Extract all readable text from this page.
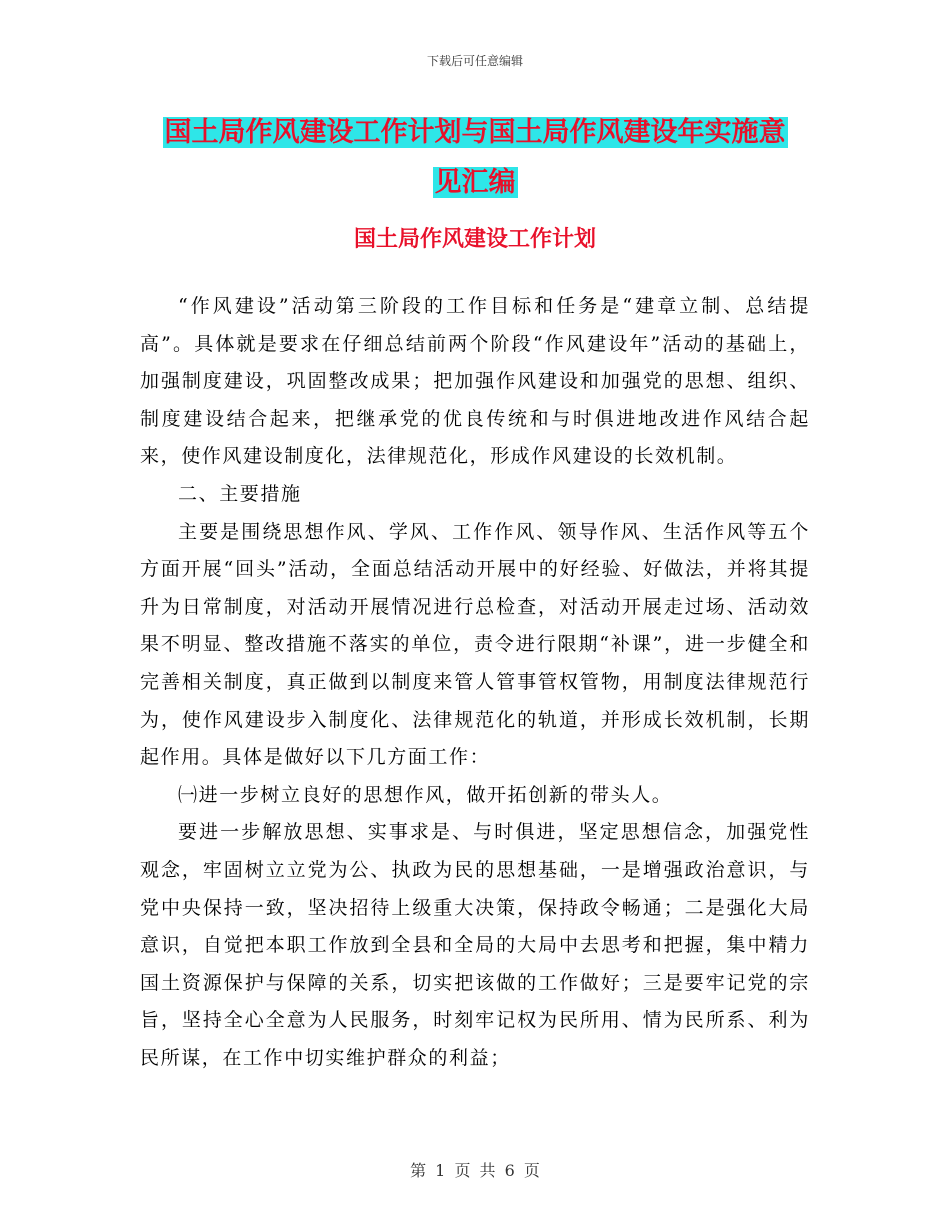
下载后可任意编辑
国土局作风建设工作计划与国土局作风建设年实施意
见汇编
国土局作风建设工作计划

“作风建设”活动第三阶段的工作目标和任务是“建章立制、总结提高”。具体就是要求在仔细总结前两个阶段“作风建设年”活动的基础上，加强制度建设，巩固整改成果；把加强作风建设和加强党的思想、组织、制度建设结合起来，把继承党的优良传统和与时俱进地改进作风结合起来，使作风建设制度化，法律规范化，形成作风建设的长效机制。

二、主要措施

主要是围绕思想作风、学风、工作作风、领导作风、生活作风等五个方面开展“回头”活动，全面总结活动开展中的好经验、好做法，并将其提升为日常制度，对活动开展情况进行总检查，对活动开展走过场、活动效果不明显、整改措施不落实的单位，责令进行限期“补课”，进一步健全和完善相关制度，真正做到以制度来管人管事管权管物，用制度法律规范行为，使作风建设步入制度化、法律规范化的轨道，并形成长效机制，长期起作用。具体是做好以下几方面工作：

㈠进一步树立良好的思想作风，做开拓创新的带头人。

要进一步解放思想、实事求是、与时俱进，坚定思想信念，加强党性观念，牢固树立立党为公、执政为民的思想基础，一是增强政治意识，与党中央保持一致，坚决招待上级重大决策，保持政令畅通；二是强化大局意识，自觉把本职工作放到全县和全局的大局中去思考和把握，集中精力国土资源保护与保障的关系，切实把该做的工作做好；三是要牢记党的宗旨，坚持全心全意为人民服务，时刻牢记权为民所用、情为民所系、利为民所谋，在工作中切实维护群众的利益；

第 1 页 共 6 页
